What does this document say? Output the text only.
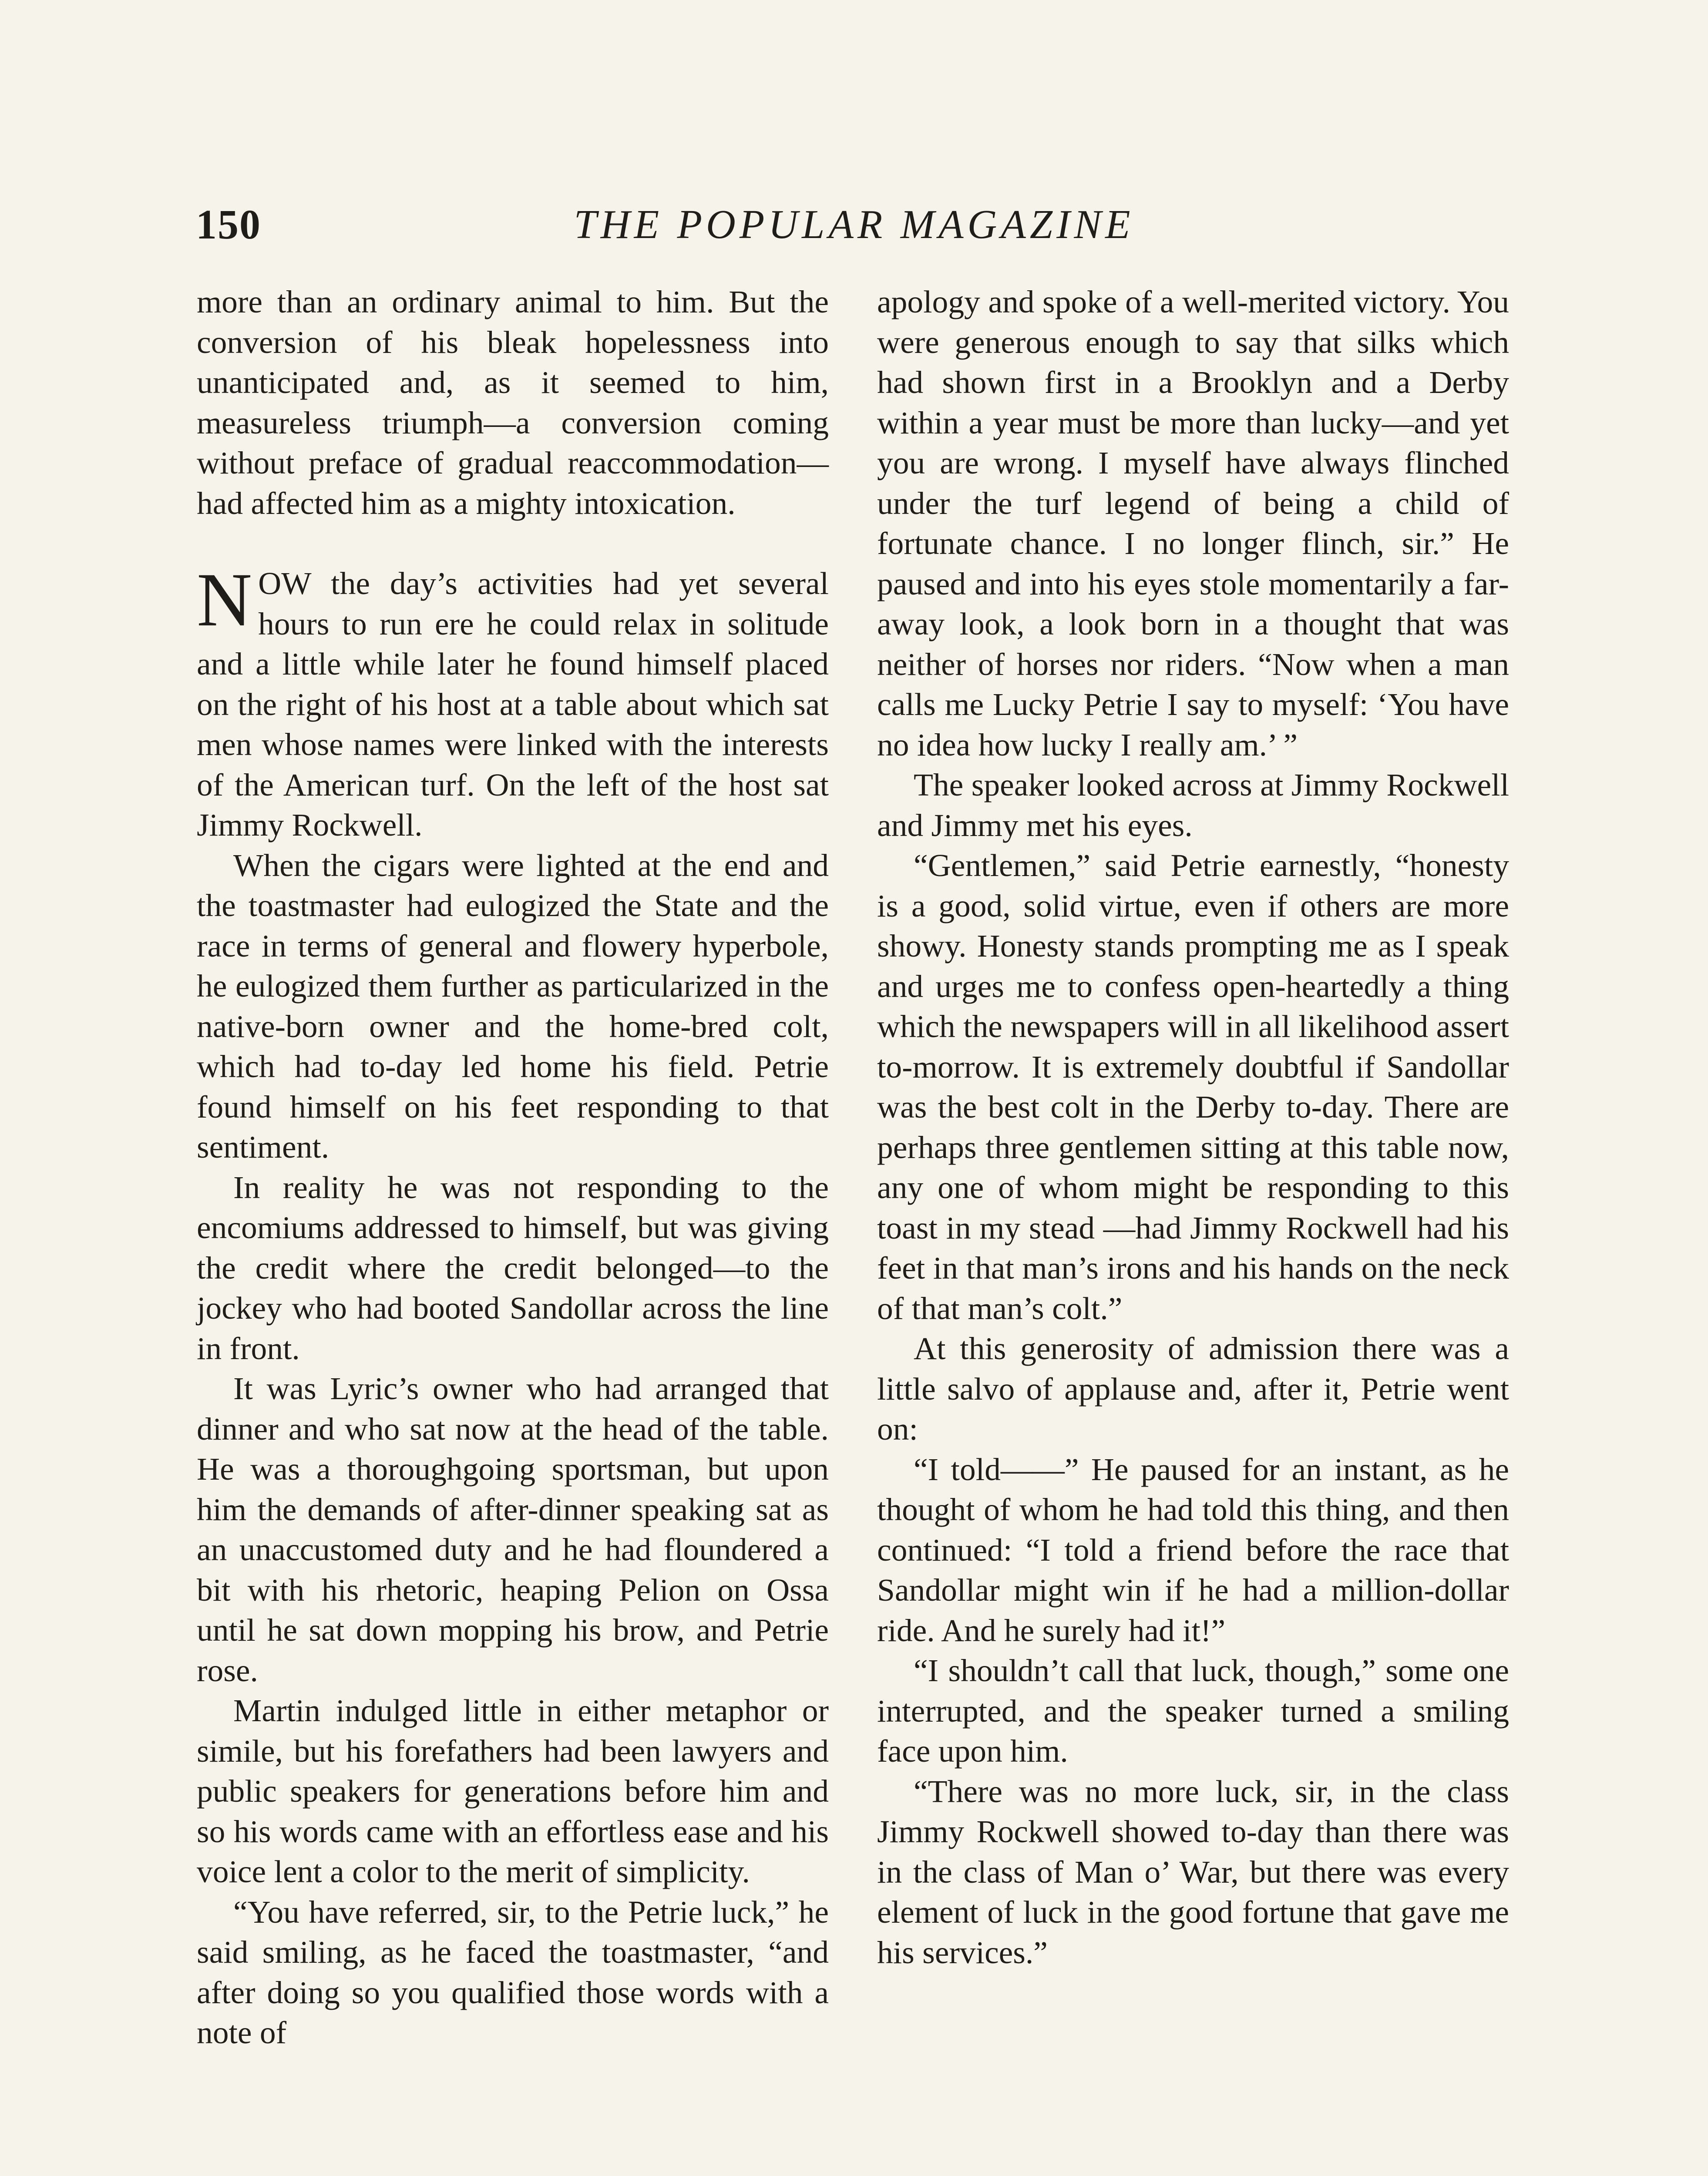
150	THE POPULAR MAGAZINE

more than an ordinary animal to him. But the conversion of his bleak hopelessness into unanticipated and, as it seemed to him, measureless triumph—a conversion coming without preface of gradual reaccommodation—had affected him as a mighty intoxication.

NOW the day’s activities had yet several hours to run ere he could relax in solitude and a little while later he found himself placed on the right of his host at a table about which sat men whose names were linked with the interests of the American turf. On the left of the host sat Jimmy Rockwell.

When the cigars were lighted at the end and the toastmaster had eulogized the State and the race in terms of general and flowery hyperbole, he eulogized them further as particularized in the native-born owner and the home-bred colt, which had to-day led home his field. Petrie found himself on his feet responding to that sentiment.

In reality he was not responding to the encomiums addressed to himself, but was giving the credit where the credit belonged—to the jockey who had booted Sandollar across the line in front.

It was Lyric’s owner who had arranged that dinner and who sat now at the head of the table. He was a thoroughgoing sportsman, but upon him the demands of after-dinner speaking sat as an unaccustomed duty and he had floundered a bit with his rhetoric, heaping Pelion on Ossa until he sat down mopping his brow, and Petrie rose.

Martin indulged little in either metaphor or simile, but his forefathers had been lawyers and public speakers for generations before him and so his words came with an effortless ease and his voice lent a color to the merit of simplicity.

“You have referred, sir, to the Petrie luck,” he said smiling, as he faced the toastmaster, “and after doing so you qualified those words with a note of

apology and spoke of a well-merited victory. You were generous enough to say that silks which had shown first in a Brooklyn and a Derby within a year must be more than lucky—and yet you are wrong. I myself have always flinched under the turf legend of being a child of fortunate chance. I no longer flinch, sir.” He paused and into his eyes stole momentarily a far-away look, a look born in a thought that was neither of horses nor riders. “Now when a man calls me Lucky Petrie I say to myself: ‘You have no idea how lucky I really am.’ ”

The speaker looked across at Jimmy Rockwell and Jimmy met his eyes.

“Gentlemen,” said Petrie earnestly, “honesty is a good, solid virtue, even if others are more showy. Honesty stands prompting me as I speak and urges me to confess open-heartedly a thing which the newspapers will in all likelihood assert to-morrow. It is extremely doubtful if Sandollar was the best colt in the Derby to-day. There are perhaps three gentlemen sitting at this table now, any one of whom might be responding to this toast in my stead —had Jimmy Rockwell had his feet in that man’s irons and his hands on the neck of that man’s colt.”

At this generosity of admission there was a little salvo of applause and, after it, Petrie went on:

“I told——” He paused for an instant, as he thought of whom he had told this thing, and then continued: “I told a friend before the race that Sandollar might win if he had a million-dollar ride. And he surely had it!”

“I shouldn’t call that luck, though,” some one interrupted, and the speaker turned a smiling face upon him.

“There was no more luck, sir, in the class Jimmy Rockwell showed to-day than there was in the class of Man o’ War, but there was every element of luck in the good fortune that gave me his services.”
